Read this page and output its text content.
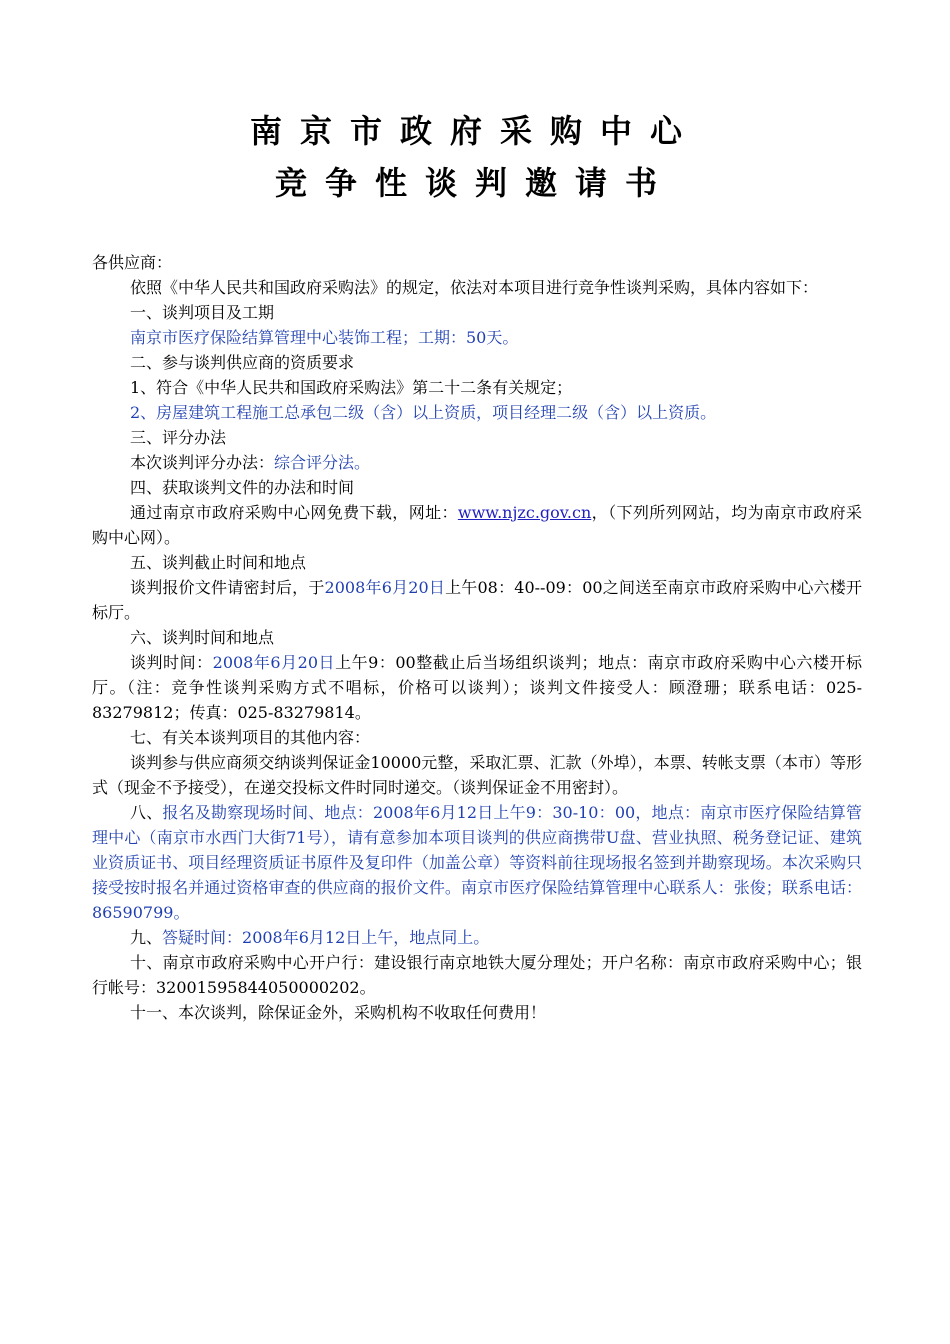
南京市政府采购中心
竞争性谈判邀请书

各供应商：

依照《中华人民共和国政府采购法》的规定，依法对本项目进行竞争性谈判采购，具体内容如下：

一、谈判项目及工期

南京市医疗保险结算管理中心装饰工程；工期：50天。

二、参与谈判供应商的资质要求

1、符合《中华人民共和国政府采购法》第二十二条有关规定；

2、房屋建筑工程施工总承包二级（含）以上资质，项目经理二级（含）以上资质。

三、评分办法

本次谈判评分办法：综合评分法。

四、获取谈判文件的办法和时间

通过南京市政府采购中心网免费下载，网址：www.njzc.gov.cn，（下列所列网站，均为南京市政府采购中心网）。

五、谈判截止时间和地点

谈判报价文件请密封后，于2008年6月20日上午08：40--09：00之间送至南京市政府采购中心六楼开标厅。

六、谈判时间和地点

谈判时间：2008年6月20日上午9：00整截止后当场组织谈判；地点：南京市政府采购中心六楼开标厅。（注：竞争性谈判采购方式不唱标，价格可以谈判）；谈判文件接受人：顾澄珊；联系电话：025-83279812；传真：025-83279814。

七、有关本谈判项目的其他内容：

谈判参与供应商须交纳谈判保证金10000元整，采取汇票、汇款（外埠），本票、转帐支票（本市）等形式（现金不予接受），在递交投标文件时同时递交。（谈判保证金不用密封）。

八、报名及勘察现场时间、地点：2008年6月12日上午9：30-10：00，地点：南京市医疗保险结算管理中心（南京市水西门大街71号），请有意参加本项目谈判的供应商携带U盘、营业执照、税务登记证、建筑业资质证书、项目经理资质证书原件及复印件（加盖公章）等资料前往现场报名签到并勘察现场。本次采购只接受按时报名并通过资格审查的供应商的报价文件。南京市医疗保险结算管理中心联系人：张俊；联系电话：86590799。

九、答疑时间：2008年6月12日上午，地点同上。

十、南京市政府采购中心开户行：建设银行南京地铁大厦分理处；开户名称：南京市政府采购中心；银行帐号：32001595844050000202。

十一、本次谈判，除保证金外，采购机构不收取任何费用！
